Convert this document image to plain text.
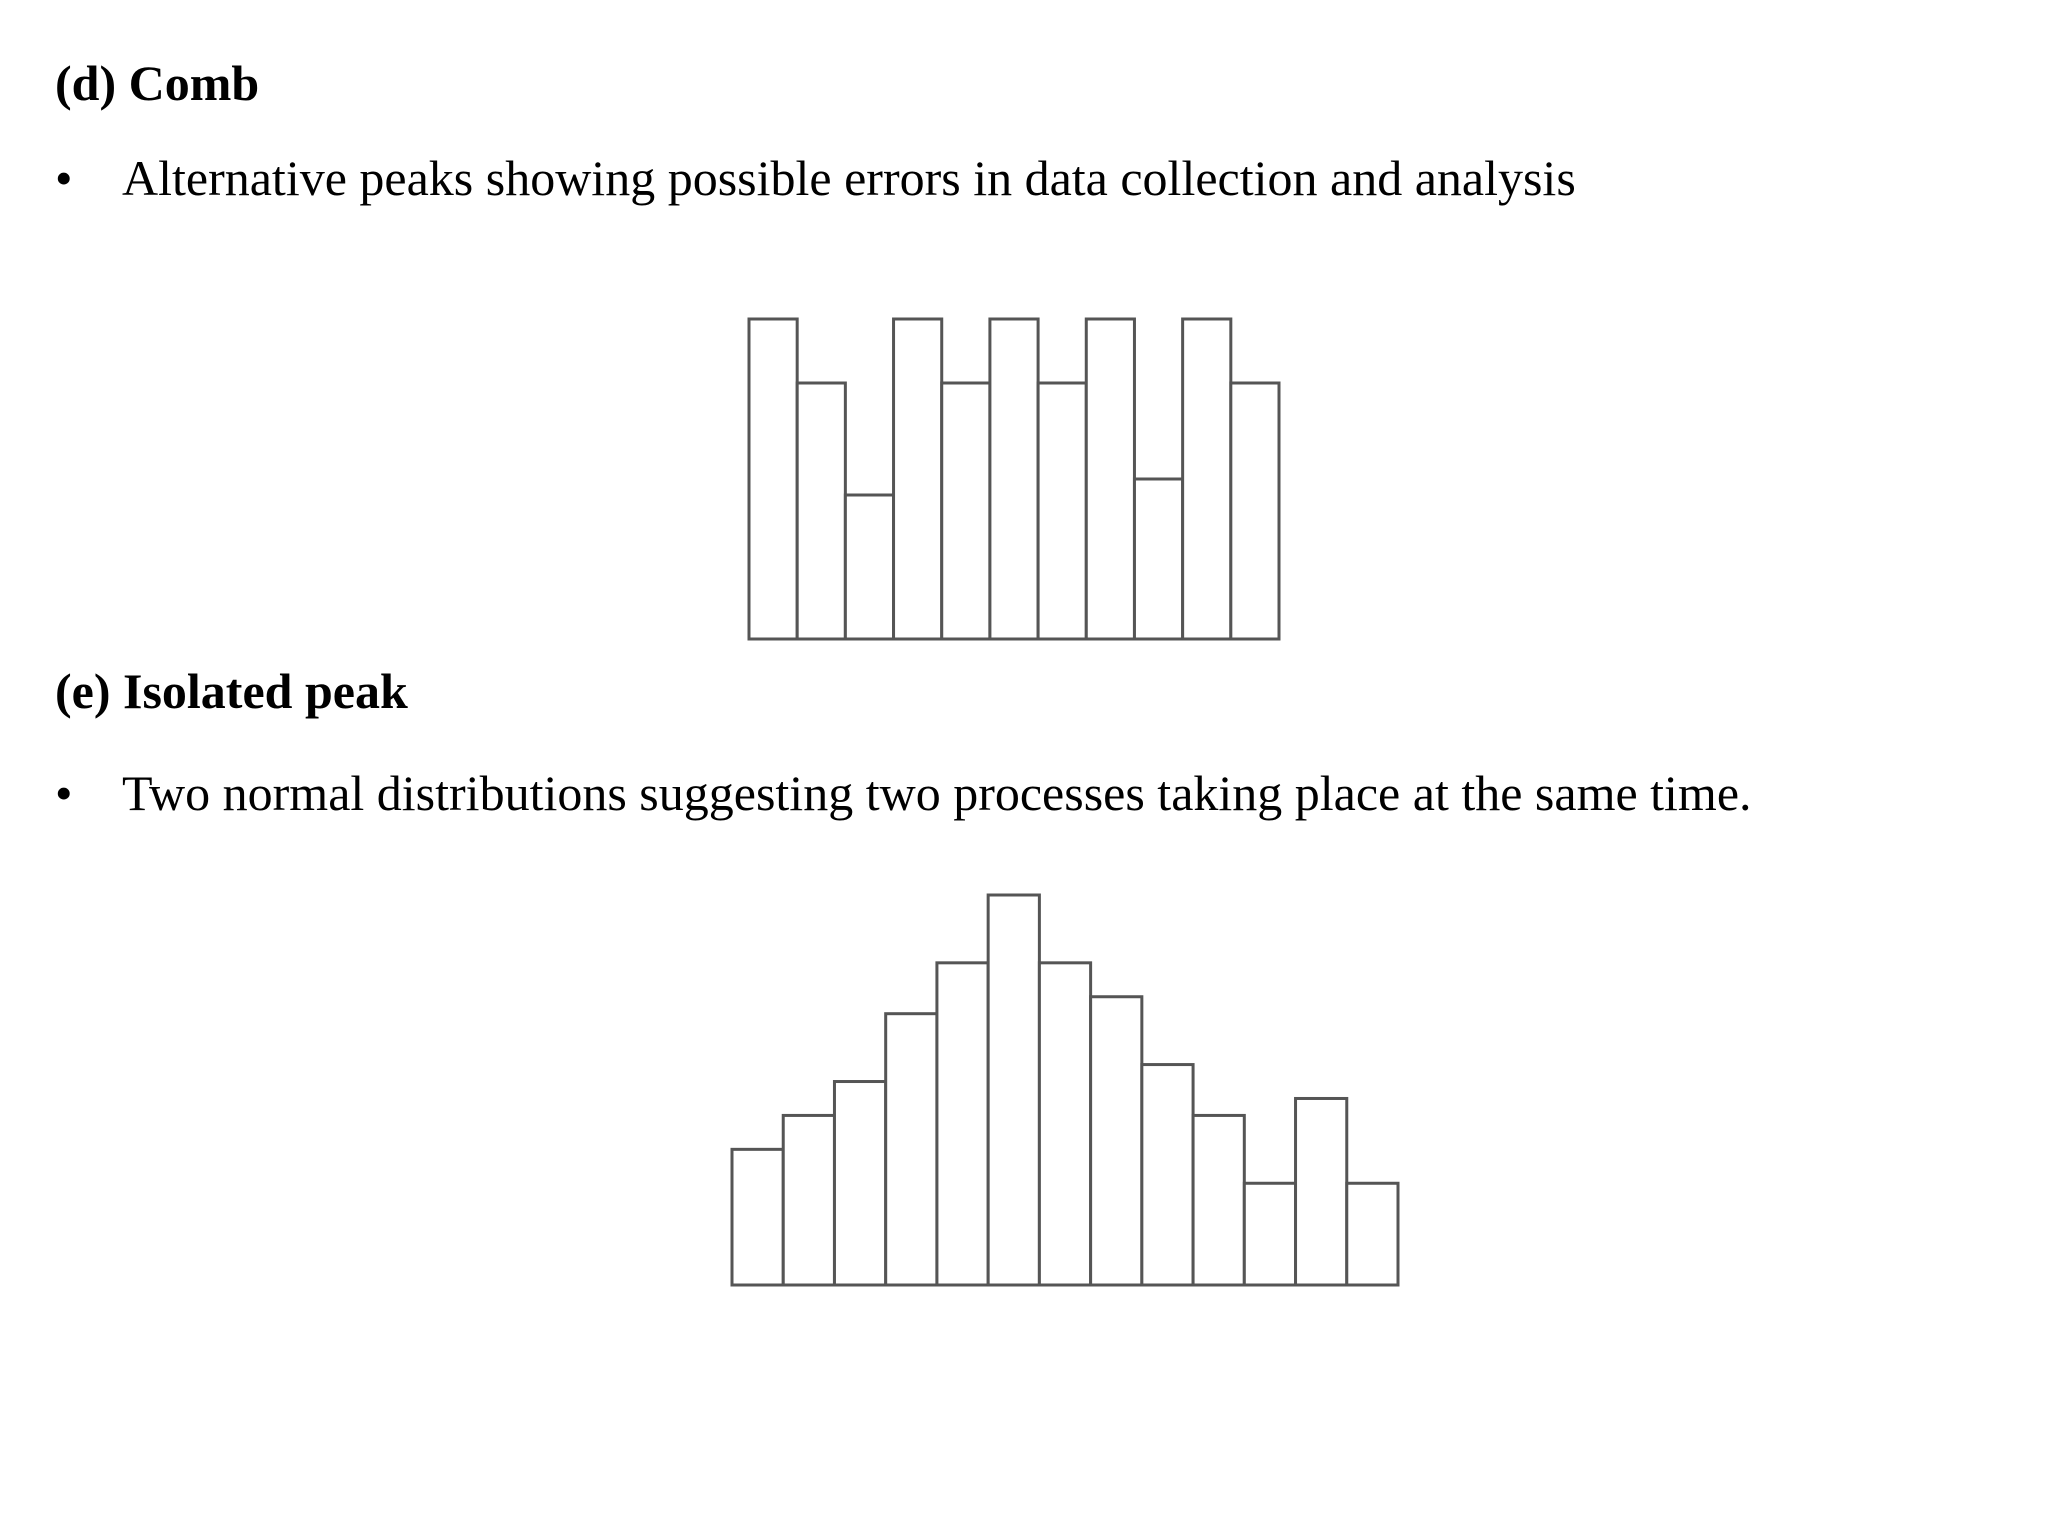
(d) Comb
• Alternative peaks showing possible errors in data collection and analysis
(e) Isolated peak
• Two normal distributions suggesting two processes taking place at the same time.
